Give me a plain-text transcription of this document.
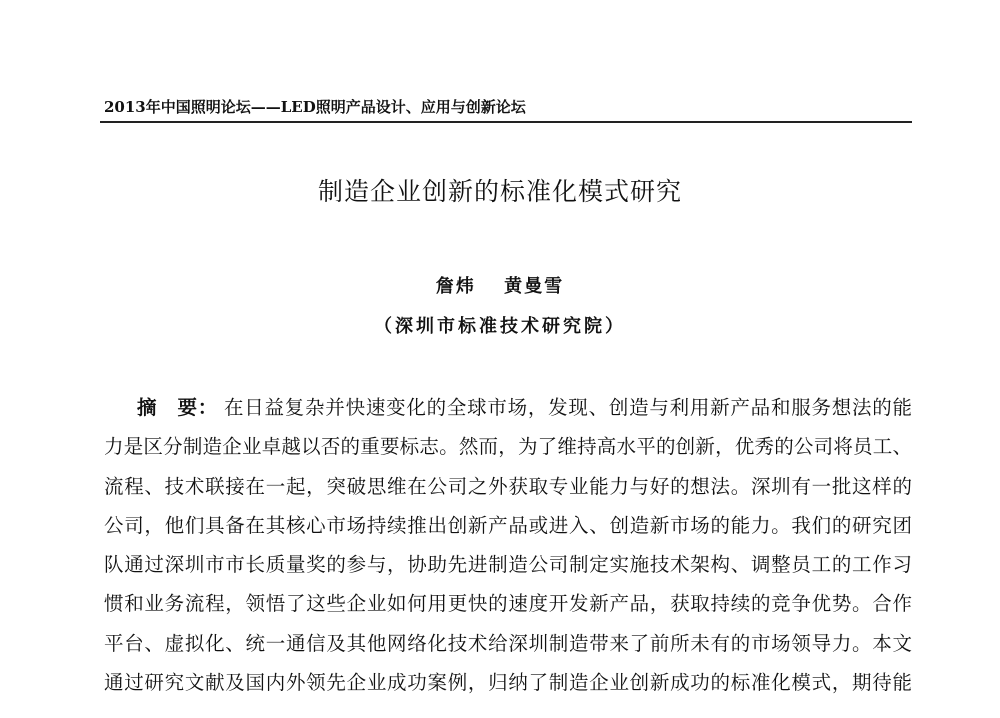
2013年中国照明论坛——LED照明产品设计、应用与创新论坛
制造企业创新的标准化模式研究
詹炜 黄曼雪
（深圳市标准技术研究院）
摘　要： 在日益复杂并快速变化的全球市场，发现、创造与利用新产品和服务想法的能
力是区分制造企业卓越以否的重要标志。然而，为了维持高水平的创新，优秀的公司将员工、
流程、技术联接在一起，突破思维在公司之外获取专业能力与好的想法。深圳有一批这样的
公司，他们具备在其核心市场持续推出创新产品或进入、创造新市场的能力。我们的研究团
队通过深圳市市长质量奖的参与，协助先进制造公司制定实施技术架构、调整员工的工作习
惯和业务流程，领悟了这些企业如何用更快的速度开发新产品，获取持续的竞争优势。合作
平台、虚拟化、统一通信及其他网络化技术给深圳制造带来了前所未有的市场领导力。本文
通过研究文献及国内外领先企业成功案例，归纳了制造企业创新成功的标准化模式，期待能
